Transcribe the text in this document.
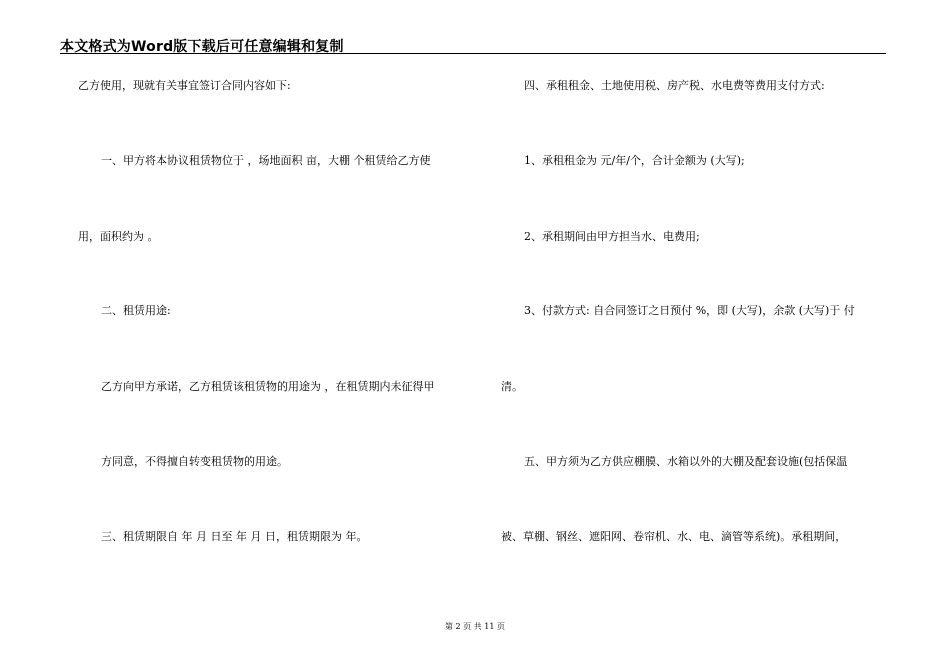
本文格式为Word版下载后可任意编辑和复制
乙方使用，现就有关事宜签订合同内容如下:
一、甲方将本协议租赁物位于 ，场地面积 亩，大棚 个租赁给乙方使
用，面积约为 。
二、租赁用途:
乙方向甲方承诺，乙方租赁该租赁物的用途为 ，在租赁期内未征得甲
方同意，不得擅自转变租赁物的用途。
三、租赁期限自 年 月 日至 年 月 日，租赁期限为 年。
四、承租租金、土地使用税、房产税、水电费等费用支付方式:
1、承租租金为 元/年/个，合计金额为 (大写);
2、承租期间由甲方担当水、电费用;
3、付款方式: 自合同签订之日预付 %，即 (大写)，余款 (大写)于 付
清。
五、甲方须为乙方供应棚膜、水箱以外的大棚及配套设施(包括保温
被、草棚、钢丝、遮阳网、卷帘机、水、电、滴管等系统)。承租期间，
第 2 页 共 11 页
